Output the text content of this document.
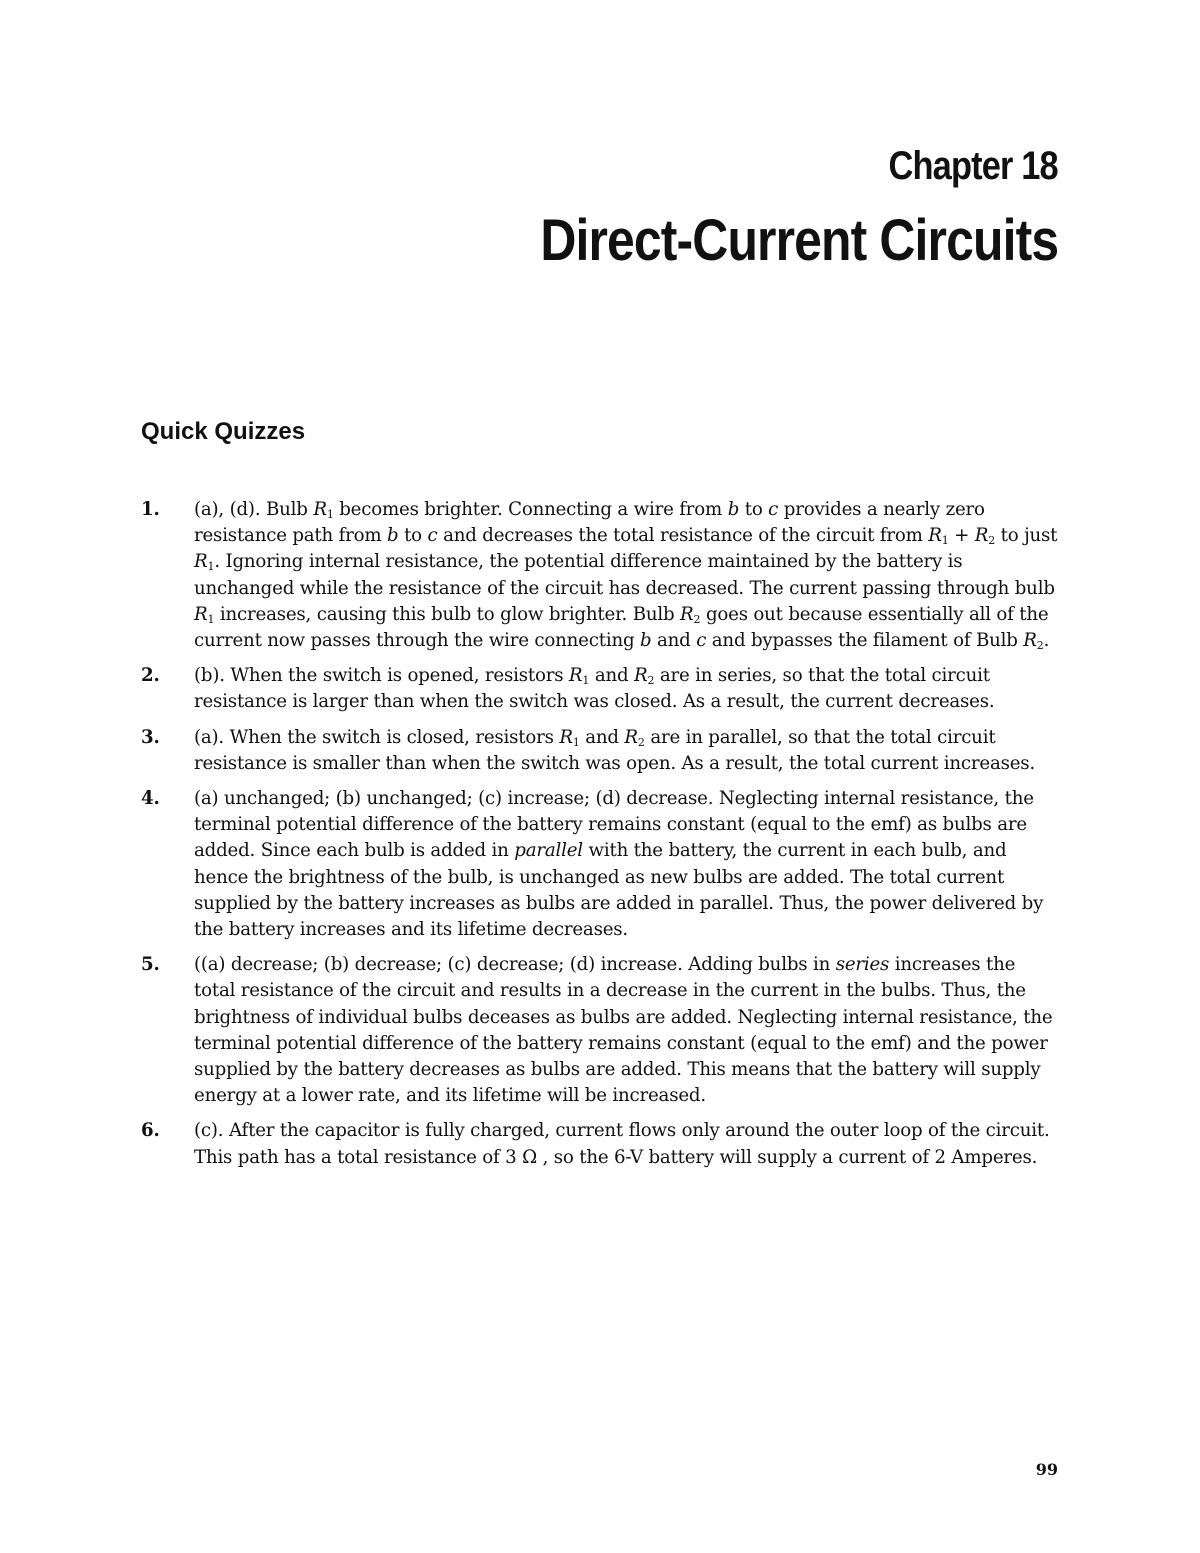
Chapter 18
Direct-Current Circuits
Quick Quizzes
1. (a), (d). Bulb $R_1$ becomes brighter. Connecting a wire from b to c provides a nearly zero resistance path from b to c and decreases the total resistance of the circuit from $R_1 + R_2$ to just $R_1$. Ignoring internal resistance, the potential difference maintained by the battery is unchanged while the resistance of the circuit has decreased. The current passing through bulb $R_1$ increases, causing this bulb to glow brighter. Bulb $R_2$ goes out because essentially all of the current now passes through the wire connecting b and c and bypasses the filament of Bulb $R_2$.

2. (b). When the switch is opened, resistors $R_1$ and $R_2$ are in series, so that the total circuit resistance is larger than when the switch was closed. As a result, the current decreases.

3. (a). When the switch is closed, resistors $R_1$ and $R_2$ are in parallel, so that the total circuit resistance is smaller than when the switch was open. As a result, the total current increases.

4. (a) unchanged; (b) unchanged; (c) increase; (d) decrease. Neglecting internal resistance, the terminal potential difference of the battery remains constant (equal to the emf) as bulbs are added. Since each bulb is added in parallel with the battery, the current in each bulb, and hence the brightness of the bulb, is unchanged as new bulbs are added. The total current supplied by the battery increases as bulbs are added in parallel. Thus, the power delivered by the battery increases and its lifetime decreases.

5. ((a) decrease; (b) decrease; (c) decrease; (d) increase. Adding bulbs in series increases the total resistance of the circuit and results in a decrease in the current in the bulbs. Thus, the brightness of individual bulbs deceases as bulbs are added. Neglecting internal resistance, the terminal potential difference of the battery remains constant (equal to the emf) and the power supplied by the battery decreases as bulbs are added. This means that the battery will supply energy at a lower rate, and its lifetime will be increased.

6. (c). After the capacitor is fully charged, current flows only around the outer loop of the circuit. This path has a total resistance of 3 Ω , so the 6-V battery will supply a current of 2 Amperes.

99
